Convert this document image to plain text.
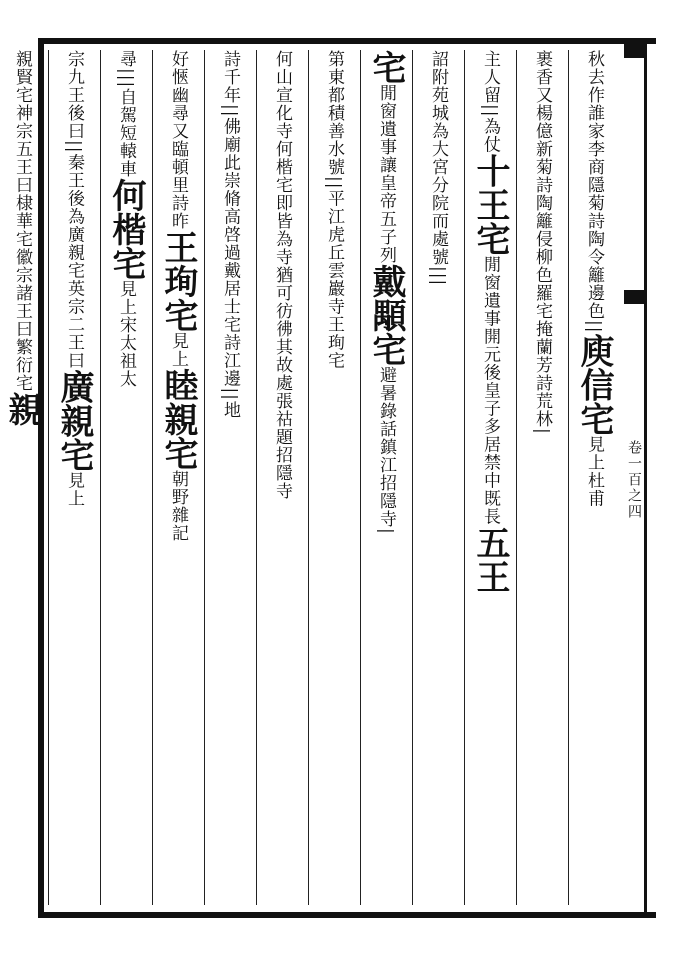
卷一百之四
秋去作誰家李商隱菊詩陶令籬邊色||庾信宅見上杜甫
裹香又楊億新菊詩陶籬侵柳色羅宅掩蘭芳詩荒林|
主人留||為仗十王宅閒窗遺事開元後皇子多居禁中既長五王
詔附苑城為大宮分院而處號|||
宅閒窗遺事讓皇帝五子列戴顒宅避暑錄話鎮江招隱寺|
第東都積善水號||平江虎丘雲巖寺王珣宅
何山宣化寺何楷宅即皆為寺猶可彷彿其故處張祜題招隱寺
詩千年||佛廟此崇脩高啓過戴居士宅詩江邊||地
好愜幽尋又臨頓里詩昨王珣宅見上睦親宅朝野雜記
尋|||自駕短轅車何楷宅見上宋太祖太
宗九王後曰||秦王後為廣親宅英宗二王曰廣親宅見上
親賢宅神宗五王曰棣華宅徽宗諸王曰繁衍宅親
